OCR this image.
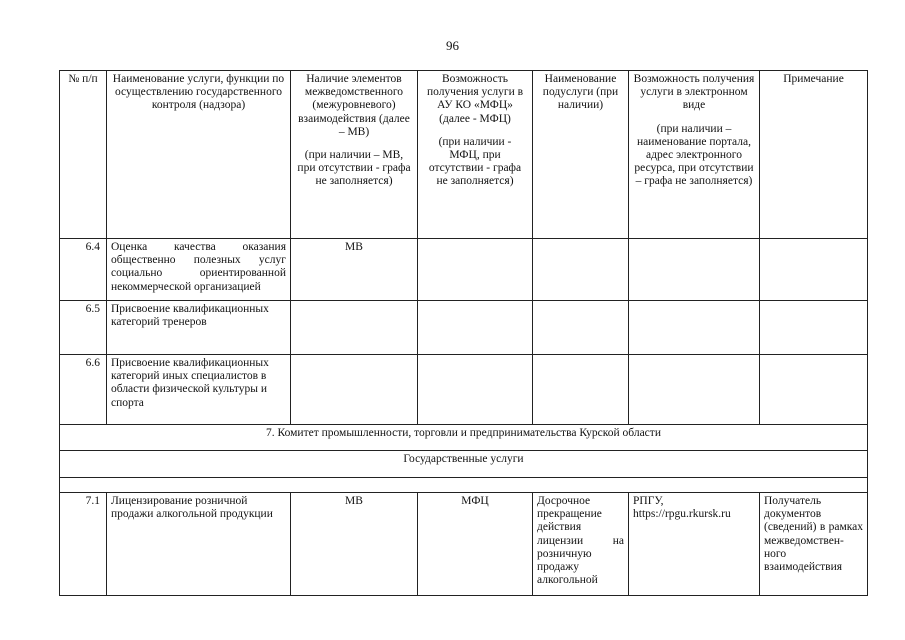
96
№ п/п	Наименование услуги, функции по осуществлению государственного контроля (надзора)	Наличие элементов межведомственного (межуровневого) взаимодействия (далее – МВ)
(при наличии – МВ, при отсутствии - графа не заполняется)	Возможность получения услуги в АУ КО «МФЦ» (далее - МФЦ)
(при наличии - МФЦ, при отсутствии - графа не заполняется)	Наименование подуслуги (при наличии)	Возможность получения услуги в электронном виде
(при наличии – наименование портала, адрес электронного ресурса, при отсутствии – графа не заполняется)	Примечание
6.4	Оценка качества оказания общественно полезных услуг социально ориентированной некоммерческой организацией	МВ				
6.5	Присвоение квалификационных категорий тренеров					
6.6	Присвоение квалификационных категорий иных специалистов в области физической культуры и спорта					
7. Комитет промышленности, торговли и предпринимательства Курской области						
Государственные услуги						

7.1	Лицензирование розничной продажи алкогольной продукции	МВ	МФЦ	Досрочное прекращение действия лицензии на розничную продажу алкогольной	РПГУ, https://rpgu.rkursk.ru	Получатель документов (сведений) в рамках межведомствен-ного взаимодействия
